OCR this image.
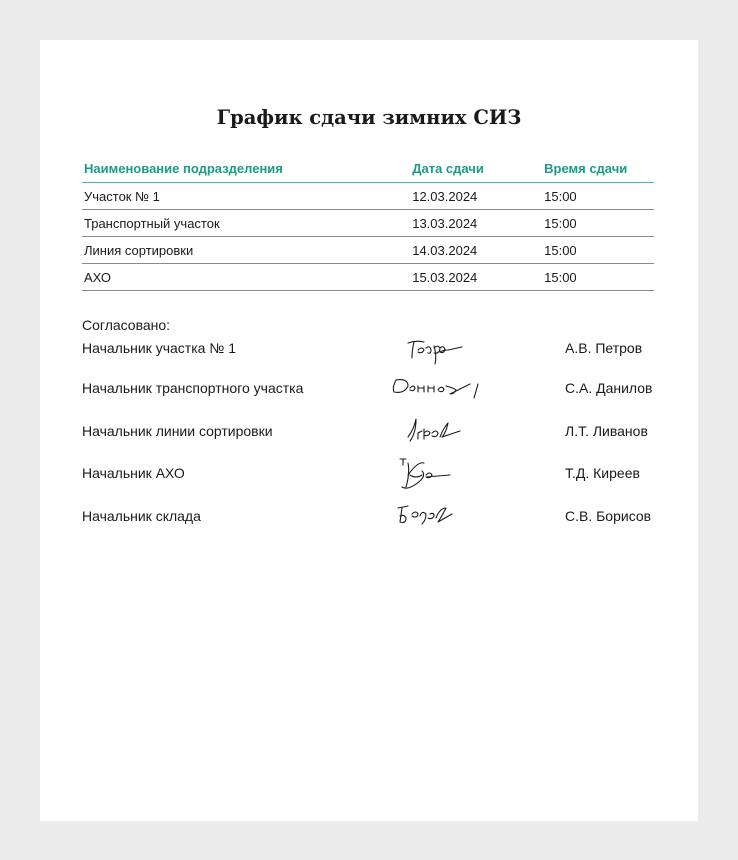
График сдачи зимних СИЗ
Наименование подразделения	Дата сдачи	Время сдачи
Участок № 1	12.03.2024	15:00
Транспортный участок	13.03.2024	15:00
Линия сортировки	14.03.2024	15:00
АХО	15.03.2024	15:00
Согласовано:
Начальник участка № 1	А.В. Петров
Начальник транспортного участка	С.А. Данилов
Начальник линии сортировки	Л.Т. Ливанов
Начальник АХО	Т.Д. Киреев
Начальник склада	С.В. Борисов
